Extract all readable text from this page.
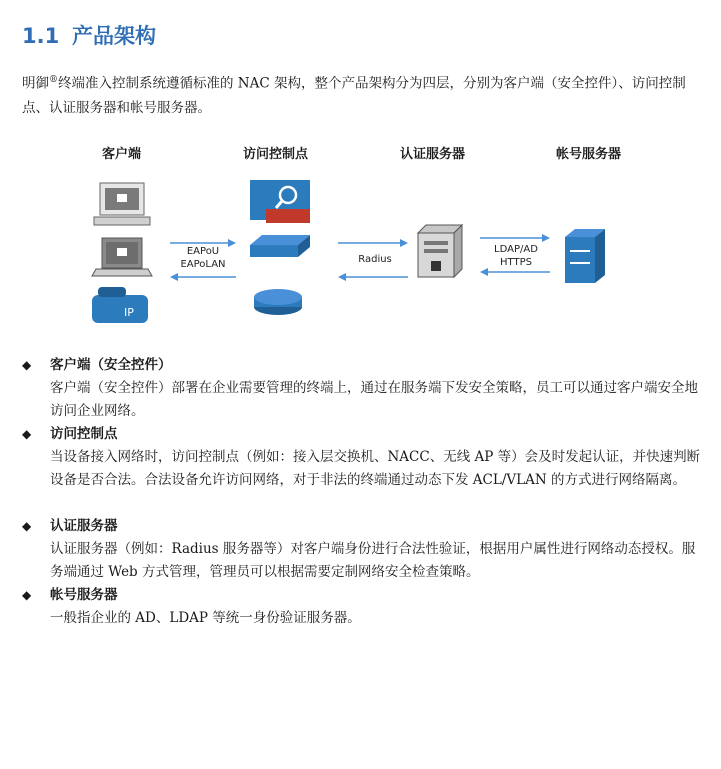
1.1 产品架构
明御®终端准入控制系统遵循标准的 NAC 架构，整个产品架构分为四层，分别为客户端（安全控件）、访问控制点、认证服务器和帐号服务器。
客户端	访问控制点	认证服务器	帐号服务器
IP
EAPoU
EAPoLAN	Radius
LDAP/AD
HTTPS
◆ 客户端（安全控件）
客户端（安全控件）部署在企业需要管理的终端上，通过在服务端下发安全策略，员工可以通过客户端安全地访问企业网络。
◆ 访问控制点
当设备接入网络时，访问控制点（例如：接入层交换机、NACC、无线 AP 等）会及时发起认证，并快速判断设备是否合法。合法设备允许访问网络，对于非法的终端通过动态下发 ACL/VLAN 的方式进行网络隔离。
◆ 认证服务器
认证服务器（例如：Radius 服务器等）对客户端身份进行合法性验证，根据用户属性进行网络动态授权。服务端通过 Web 方式管理，管理员可以根据需要定制网络安全检查策略。
◆ 帐号服务器
一般指企业的 AD、LDAP 等统一身份验证服务器。
